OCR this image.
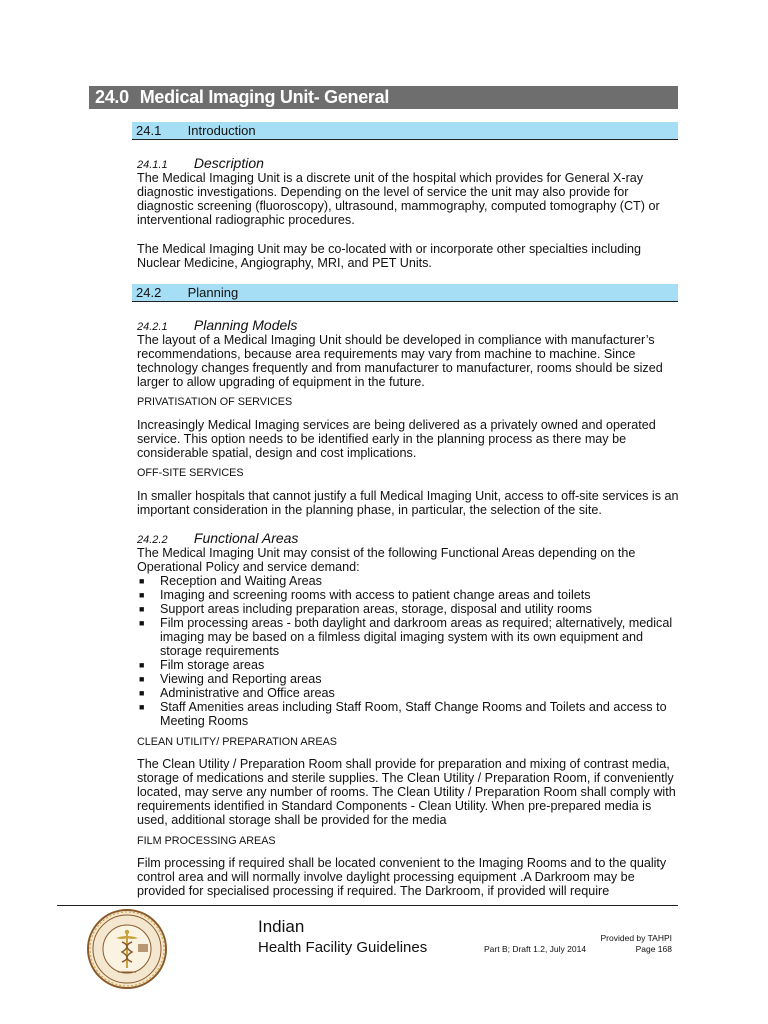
24.0 Medical Imaging Unit- General
24.1 Introduction
24.1.1 Description

The Medical Imaging Unit is a discrete unit of the hospital which provides for General X-ray diagnostic investigations. Depending on the level of service the unit may also provide for diagnostic screening (fluoroscopy), ultrasound, mammography, computed tomography (CT) or interventional radiographic procedures.

The Medical Imaging Unit may be co-located with or incorporate other specialties including Nuclear Medicine, Angiography, MRI, and PET Units.

24.2 Planning
24.2.1 Planning Models

The layout of a Medical Imaging Unit should be developed in compliance with manufacturer’s recommendations, because area requirements may vary from machine to machine. Since technology changes frequently and from manufacturer to manufacturer, rooms should be sized larger to allow upgrading of equipment in the future.

PRIVATISATION OF SERVICES

Increasingly Medical Imaging services are being delivered as a privately owned and operated service. This option needs to be identified early in the planning process as there may be considerable spatial, design and cost implications.

OFF-SITE SERVICES

In smaller hospitals that cannot justify a full Medical Imaging Unit, access to off-site services is an important consideration in the planning phase, in particular, the selection of the site.

24.2.2 Functional Areas

The Medical Imaging Unit may consist of the following Functional Areas depending on the Operational Policy and service demand:

■ Reception and Waiting Areas
■ Imaging and screening rooms with access to patient change areas and toilets
■ Support areas including preparation areas, storage, disposal and utility rooms
■ Film processing areas - both daylight and darkroom areas as required; alternatively, medical imaging may be based on a filmless digital imaging system with its own equipment and storage requirements
■ Film storage areas
■ Viewing and Reporting areas
■ Administrative and Office areas
■ Staff Amenities areas including Staff Room, Staff Change Rooms and Toilets and access to Meeting Rooms
CLEAN UTILITY/ PREPARATION AREAS

The Clean Utility / Preparation Room shall provide for preparation and mixing of contrast media, storage of medications and sterile supplies. The Clean Utility / Preparation Room, if conveniently located, may serve any number of rooms. The Clean Utility / Preparation Room shall comply with requirements identified in Standard Components - Clean Utility. When pre-prepared media is used, additional storage shall be provided for the media

FILM PROCESSING AREAS

Film processing if required shall be located convenient to the Imaging Rooms and to the quality control area and will normally involve daylight processing equipment .A Darkroom may be provided for specialised processing if required. The Darkroom, if provided will require

Indian
Health Facility Guidelines
Provided by TAHPI
Part B; Draft 1.2, July 2014	Page 168
